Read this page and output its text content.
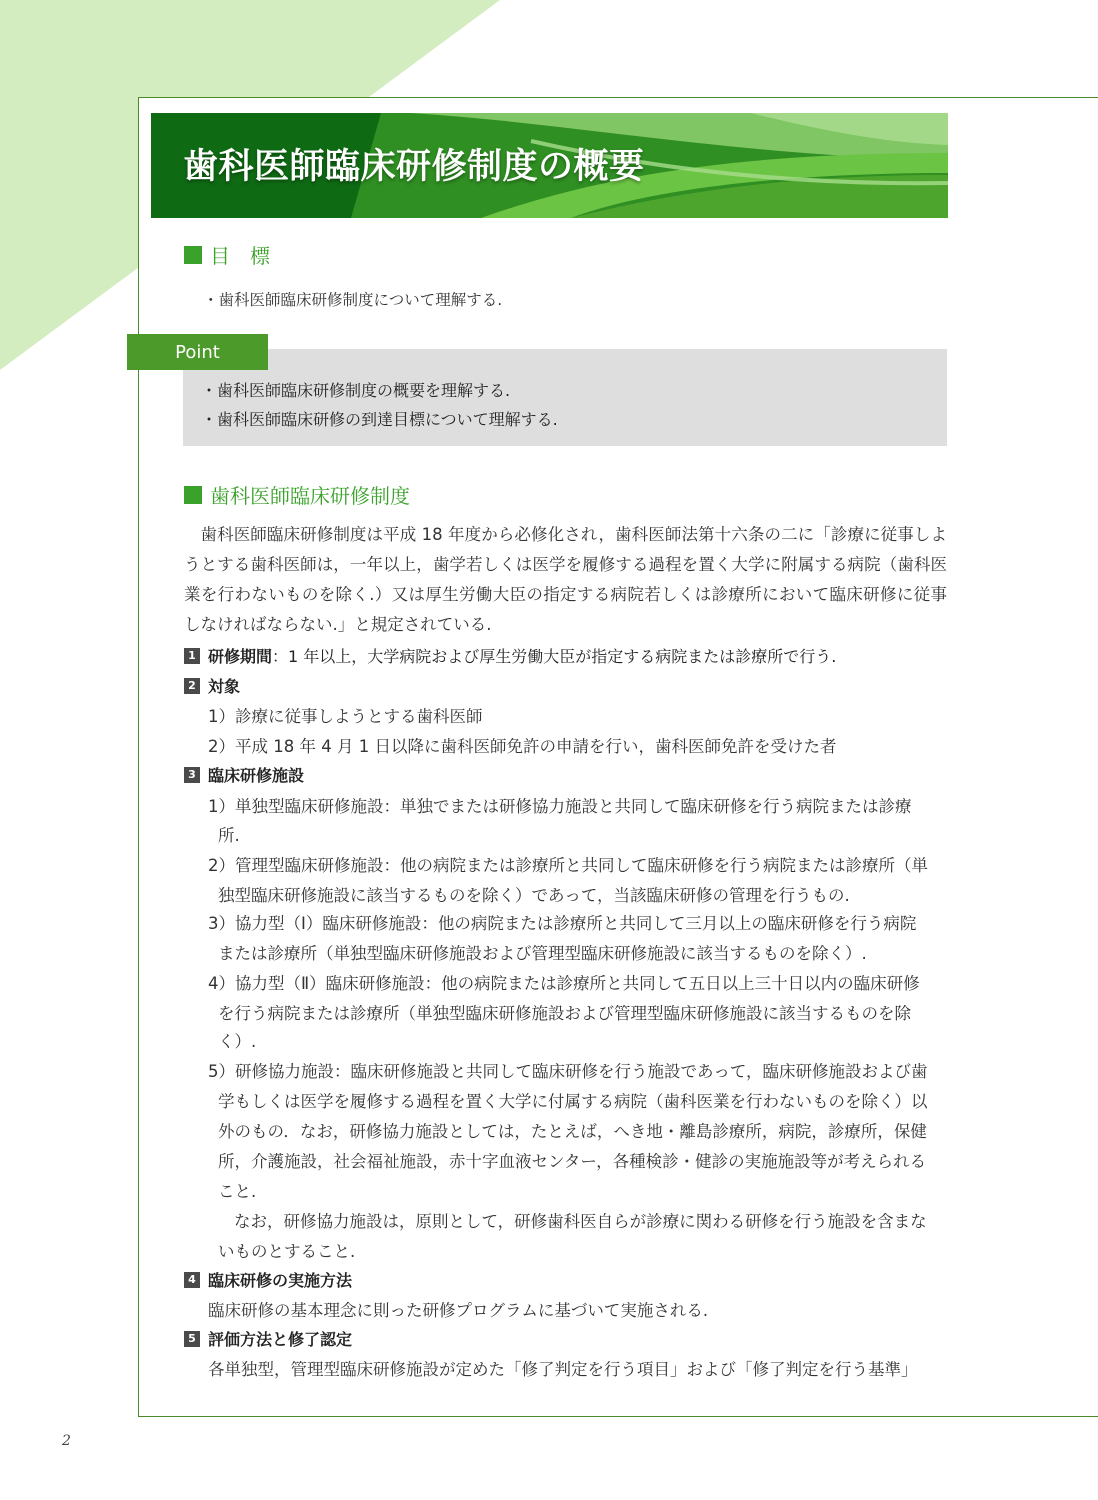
歯科医師臨床研修制度の概要
目　標
・歯科医師臨床研修制度について理解する.
Point
・歯科医師臨床研修制度の概要を理解する.
・歯科医師臨床研修の到達目標について理解する.
歯科医師臨床研修制度

歯科医師臨床研修制度は平成 18 年度から必修化され，歯科医師法第十六条の二に「診療に従事しようとする歯科医師は，一年以上，歯学若しくは医学を履修する過程を置く大学に附属する病院（歯科医業を行わないものを除く.）又は厚生労働大臣の指定する病院若しくは診療所において臨床研修に従事しなければならない.」と規定されている.

1 研修期間 ：1 年以上，大学病院および厚生労働大臣が指定する病院または診療所で行う.
2 対象
1）診療に従事しようとする歯科医師
2）平成 18 年 4 月 1 日以降に歯科医師免許の申請を行い，歯科医師免許を受けた者
3 臨床研修施設
1）単独型臨床研修施設：単独でまたは研修協力施設と共同して臨床研修を行う病院または診療
所.
2）管理型臨床研修施設：他の病院または診療所と共同して臨床研修を行う病院または診療所（単
独型臨床研修施設に該当するものを除く）であって，当該臨床研修の管理を行うもの.
3）協力型（Ⅰ）臨床研修施設：他の病院または診療所と共同して三月以上の臨床研修を行う病院
または診療所（単独型臨床研修施設および管理型臨床研修施設に該当するものを除く）.
4）協力型（Ⅱ）臨床研修施設：他の病院または診療所と共同して五日以上三十日以内の臨床研修
を行う病院または診療所（単独型臨床研修施設および管理型臨床研修施設に該当するものを除
く）.
5）研修協力施設：臨床研修施設と共同して臨床研修を行う施設であって，臨床研修施設および歯
学もしくは医学を履修する過程を置く大学に付属する病院（歯科医業を行わないものを除く）以
外のもの．なお，研修協力施設としては，たとえば，へき地・離島診療所，病院，診療所，保健
所，介護施設，社会福祉施設，赤十字血液センター，各種検診・健診の実施施設等が考えられる
こと.
なお，研修協力施設は，原則として，研修歯科医自らが診療に関わる研修を行う施設を含まな
いものとすること.
4 臨床研修の実施方法
臨床研修の基本理念に則った研修プログラムに基づいて実施される.
5 評価方法と修了認定
各単独型，管理型臨床研修施設が定めた「修了判定を行う項目」および「修了判定を行う基準」
2
